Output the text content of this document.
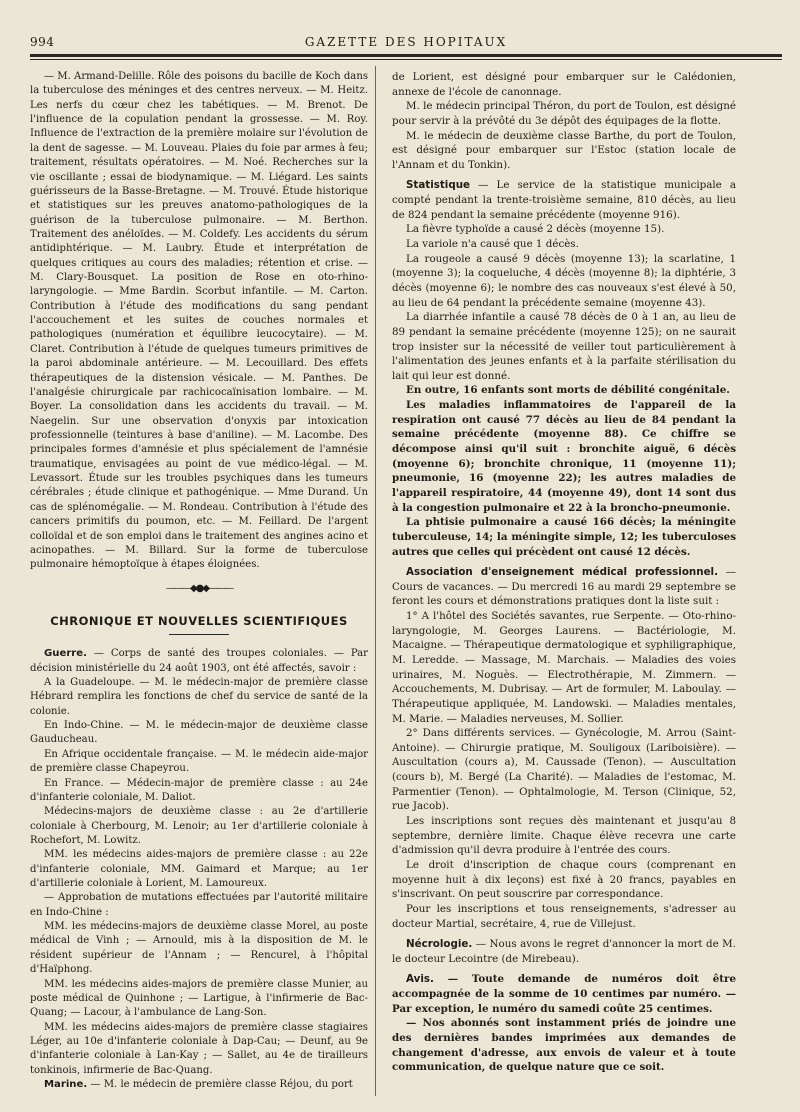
994	GAZETTE DES HOPITAUX

— M. Armand-Delille. Rôle des poisons du bacille de Koch dans la tuberculose des méninges et des centres nerveux. — M. Heitz. Les nerfs du cœur chez les tabétiques. — M. Brenot. De l'influence de la copulation pendant la grossesse. — M. Roy. Influence de l'extraction de la première molaire sur l'évolution de la dent de sagesse. — M. Louveau. Plaies du foie par armes à feu; traitement, résultats opératoires. — M. Noé. Recherches sur la vie oscillante ; essai de biodynamique. — M. Liégard. Les saints guérisseurs de la Basse-Bretagne. — M. Trouvé. Étude historique et statistiques sur les preuves anatomo-pathologiques de la guérison de la tuberculose pulmonaire. — M. Berthon. Traitement des anéloïdes. — M. Coldefy. Les accidents du sérum antidiphtérique. — M. Laubry. Étude et interprétation de quelques critiques au cours des maladies; rétention et crise. — M. Clary-Bousquet. La position de Rose en oto-rhino-laryngologie. — Mme Bardin. Scorbut infantile. — M. Carton. Contribution à l'étude des modifications du sang pendant l'accouchement et les suites de couches normales et pathologiques (numération et équilibre leucocytaire). — M. Claret. Contribution à l'étude de quelques tumeurs primitives de la paroi abdominale antérieure. — M. Lecouillard. Des effets thérapeutiques de la distension vésicale. — M. Panthes. De l'analgésie chirurgicale par rachicocaïnisation lombaire. — M. Boyer. La consolidation dans les accidents du travail. — M. Naegelin. Sur une observation d'onyxis par intoxication professionnelle (teintures à base d'aniline). — M. Lacombe. Des principales formes d'amnésie et plus spécialement de l'amnésie traumatique, envisagées au point de vue médico-légal. — M. Levassort. Étude sur les troubles psychiques dans les tumeurs cérébrales ; étude clinique et pathogénique. — Mme Durand. Un cas de splénomégalie. — M. Rondeau. Contribution à l'étude des cancers primitifs du poumon, etc. — M. Feillard. De l'argent colloïdal et de son emploi dans le traitement des angines acino et acinopathes. — M. Billard. Sur la forme de tuberculose pulmonaire hémoptoïque à étapes éloignées.

———◆●◆———
CHRONIQUE ET NOUVELLES SCIENTIFIQUES

Guerre. — Corps de santé des troupes coloniales. — Par décision ministérielle du 24 août 1903, ont été affectés, savoir :

A la Guadeloupe. — M. le médecin-major de première classe Hébrard remplira les fonctions de chef du service de santé de la colonie.

En Indo-Chine. — M. le médecin-major de deuxième classe Gauducheau.

En Afrique occidentale française. — M. le médecin aide-major de première classe Chapeyrou.

En France. — Médecin-major de première classe : au 24e d'infanterie coloniale, M. Daliot.

Médecins-majors de deuxième classe : au 2e d'artillerie coloniale à Cherbourg, M. Lenoir; au 1er d'artillerie coloniale à Rochefort, M. Lowitz.

MM. les médecins aides-majors de première classe : au 22e d'infanterie coloniale, MM. Gaimard et Marque; au 1er d'artillerie coloniale à Lorient, M. Lamoureux.

— Approbation de mutations effectuées par l'autorité militaire en Indo-Chine :

MM. les médecins-majors de deuxième classe Morel, au poste médical de Vinh ; — Arnould, mis à la disposition de M. le résident supérieur de l'Annam ; — Rencurel, à l'hôpital d'Haïphong.

MM. les médecins aides-majors de première classe Munier, au poste médical de Quinhone ; — Lartigue, à l'infirmerie de Bac-Quang; — Lacour, à l'ambulance de Lang-Son.

MM. les médecins aides-majors de première classe stagiaires Léger, au 10e d'infanterie coloniale à Dap-Cau; — Deunf, au 9e d'infanterie coloniale à Lan-Kay ; — Sallet, au 4e de tirailleurs tonkinois, infirmerie de Bac-Quang.

Marine. — M. le médecin de première classe Réjou, du port

de Lorient, est désigné pour embarquer sur le Calédonien, annexe de l'école de canonnage.

M. le médecin principal Théron, du port de Toulon, est désigné pour servir à la prévôté du 3e dépôt des équipages de la flotte.

M. le médecin de deuxième classe Barthe, du port de Toulon, est désigné pour embarquer sur l'Estoc (station locale de l'Annam et du Tonkin).

Statistique — Le service de la statistique municipale a compté pendant la trente-troisième semaine, 810 décès, au lieu de 824 pendant la semaine précédente (moyenne 916).

La fièvre typhoïde a causé 2 décès (moyenne 15).

La variole n'a causé que 1 décès.

La rougeole a causé 9 décès (moyenne 13); la scarlatine, 1 (moyenne 3); la coqueluche, 4 décès (moyenne 8); la diphtérie, 3 décès (moyenne 6); le nombre des cas nouveaux s'est élevé à 50, au lieu de 64 pendant la précédente semaine (moyenne 43).

La diarrhée infantile a causé 78 décès de 0 à 1 an, au lieu de 89 pendant la semaine précédente (moyenne 125); on ne saurait trop insister sur la nécessité de veiller tout particulièrement à l'alimentation des jeunes enfants et à la parfaite stérilisation du lait qui leur est donné.

En outre, 16 enfants sont morts de débilité congénitale.

Les maladies inflammatoires de l'appareil de la respiration ont causé 77 décès au lieu de 84 pendant la semaine précédente (moyenne 88). Ce chiffre se décompose ainsi qu'il suit : bronchite aiguë, 6 décès (moyenne 6); bronchite chronique, 11 (moyenne 11); pneumonie, 16 (moyenne 22); les autres maladies de l'appareil respiratoire, 44 (moyenne 49), dont 14 sont dus à la congestion pulmonaire et 22 à la broncho-pneumonie.

La phtisie pulmonaire a causé 166 décès; la méningite tuberculeuse, 14; la méningite simple, 12; les tuberculoses autres que celles qui précèdent ont causé 12 décès.

Association d'enseignement médical professionnel. — Cours de vacances. — Du mercredi 16 au mardi 29 septembre se feront les cours et démonstrations pratiques dont la liste suit :

1° A l'hôtel des Sociétés savantes, rue Serpente. — Oto-rhino-laryngologie, M. Georges Laurens. — Bactériologie, M. Macaigne. — Thérapeutique dermatologique et syphiligraphique, M. Leredde. — Massage, M. Marchais. — Maladies des voies urinaires, M. Noguès. — Electrothérapie, M. Zimmern. — Accouchements, M. Dubrisay. — Art de formuler, M. Laboulay. — Thérapeutique appliquée, M. Landowski. — Maladies mentales, M. Marie. — Maladies nerveuses, M. Sollier.

2° Dans différents services. — Gynécologie, M. Arrou (Saint-Antoine). — Chirurgie pratique, M. Souligoux (Lariboisière). — Auscultation (cours a), M. Caussade (Tenon). — Auscultation (cours b), M. Bergé (La Charité). — Maladies de l'estomac, M. Parmentier (Tenon). — Ophtalmologie, M. Terson (Clinique, 52, rue Jacob).

Les inscriptions sont reçues dès maintenant et jusqu'au 8 septembre, dernière limite. Chaque élève recevra une carte d'admission qu'il devra produire à l'entrée des cours.

Le droit d'inscription de chaque cours (comprenant en moyenne huit à dix leçons) est fixé à 20 francs, payables en s'inscrivant. On peut souscrire par correspondance.

Pour les inscriptions et tous renseignements, s'adresser au docteur Martial, secrétaire, 4, rue de Villejust.

Nécrologie. — Nous avons le regret d'annoncer la mort de M. le docteur Lecointre (de Mirebeau).

Avis. — Toute demande de numéros doit être accompagnée de la somme de 10 centimes par numéro. — Par exception, le numéro du samedi coûte 25 centimes.

— Nos abonnés sont instamment priés de joindre une des dernières bandes imprimées aux demandes de changement d'adresse, aux envois de valeur et à toute communication, de quelque nature que ce soit.
